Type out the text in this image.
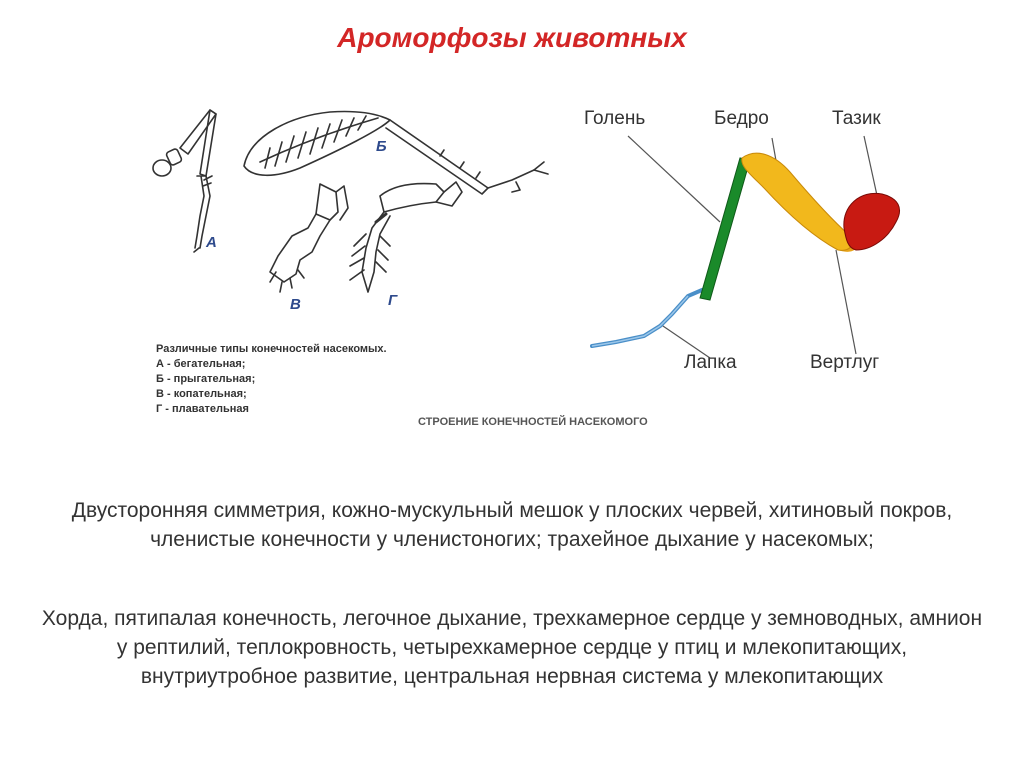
Ароморфозы животных
А
Б
В	Г
Различные типы конечностей насекомых.
А - бегательная;
Б - прыгательная;
В - копательная;
Г - плавательная
СТРОЕНИЕ КОНЕЧНОСТЕЙ НАСЕКОМОГО
Голень	Бедро	Тазик
Лапка	Вертлуг
Двусторонняя симметрия, кожно-мускульный мешок у плоских червей, хитиновый покров, членистые конечности у членистоногих; трахейное дыхание у насекомых;
Хорда, пятипалая конечность, легочное дыхание, трехкамерное сердце у земноводных, амнион у рептилий, теплокровность, четырехкамерное сердце у птиц и млекопитающих, внутриутробное развитие, центральная нервная система у млекопитающих
